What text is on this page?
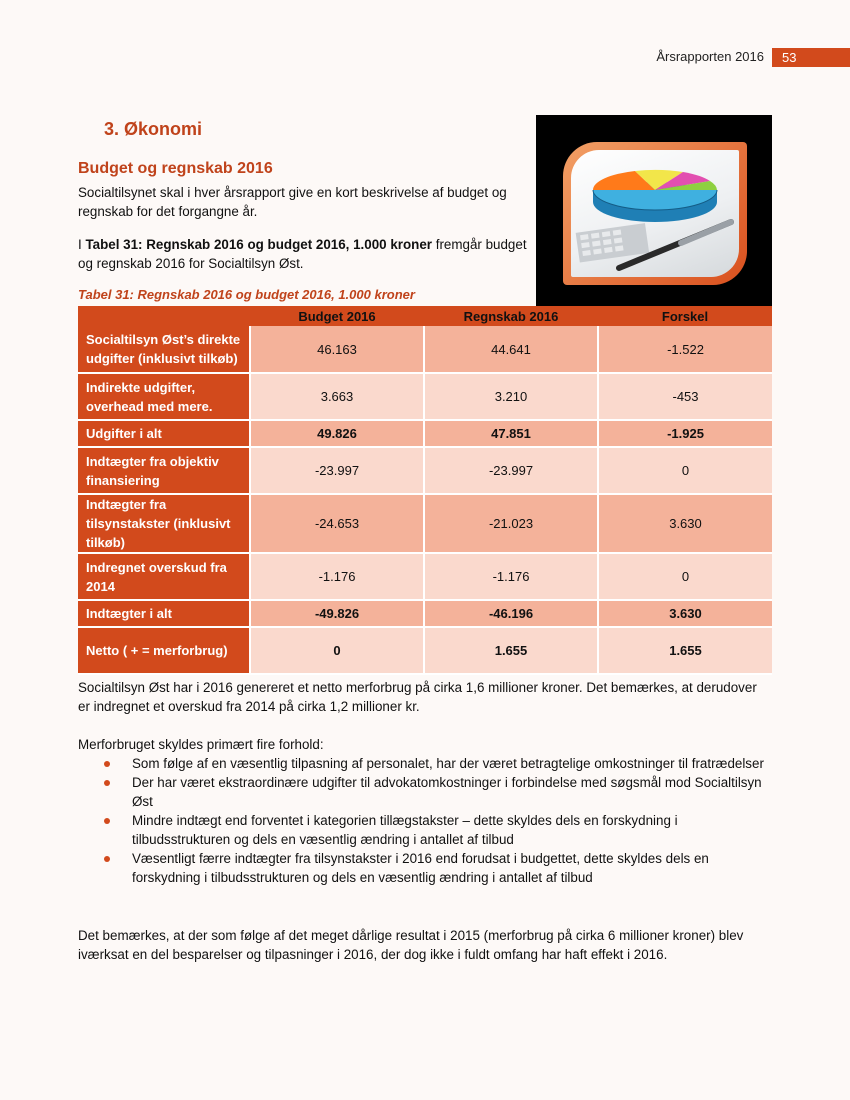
Årsrapporten 2016	53
3. Økonomi
Budget og regnskab 2016
Socialtilsynet skal i hver årsrapport give en kort beskrivelse af budget og regnskab for det forgangne år.
I Tabel 31: Regnskab 2016 og budget 2016, 1.000 kroner fremgår budget og regnskab 2016 for Socialtilsyn Øst.
Tabel 31: Regnskab 2016 og budget 2016, 1.000 kroner
	Budget 2016	Regnskab 2016	Forskel
Socialtilsyn Øst’s direkte udgifter (inklusivt tilkøb)	46.163	44.641	-1.522
Indirekte udgifter, overhead med mere.	3.663	3.210	-453
Udgifter i alt	49.826	47.851	-1.925
Indtægter fra objektiv finansiering	-23.997	-23.997	0
Indtægter fra tilsynstakster (inklusivt tilkøb)	-24.653	-21.023	3.630
Indregnet overskud fra 2014	-1.176	-1.176	0
Indtægter i alt	-49.826	-46.196	3.630
Netto ( + = merforbrug)	0	1.655	1.655
Socialtilsyn Øst har i 2016 genereret et netto merforbrug på cirka 1,6 millioner kroner. Det bemærkes, at derudover er indregnet et overskud fra 2014 på cirka 1,2 millioner kr.
Merforbruget skyldes primært fire forhold:
Som følge af en væsentlig tilpasning af personalet, har der været betragtelige omkostninger til fratrædelser
Der har været ekstraordinære udgifter til advokatomkostninger i forbindelse med søgsmål mod Socialtilsyn Øst
Mindre indtægt end forventet i kategorien tillægstakster – dette skyldes dels en forskydning i tilbudsstrukturen og dels en væsentlig ændring i antallet af tilbud
Væsentligt færre indtægter fra tilsynstakster i 2016 end forudsat i budgettet, dette skyldes dels en forskydning i tilbudsstrukturen og dels en væsentlig ændring i antallet af tilbud
Det bemærkes, at der som følge af det meget dårlige resultat i 2015 (merforbrug på cirka 6 millioner kroner) blev iværksat en del besparelser og tilpasninger i 2016, der dog ikke i fuldt omfang har haft effekt i 2016.
